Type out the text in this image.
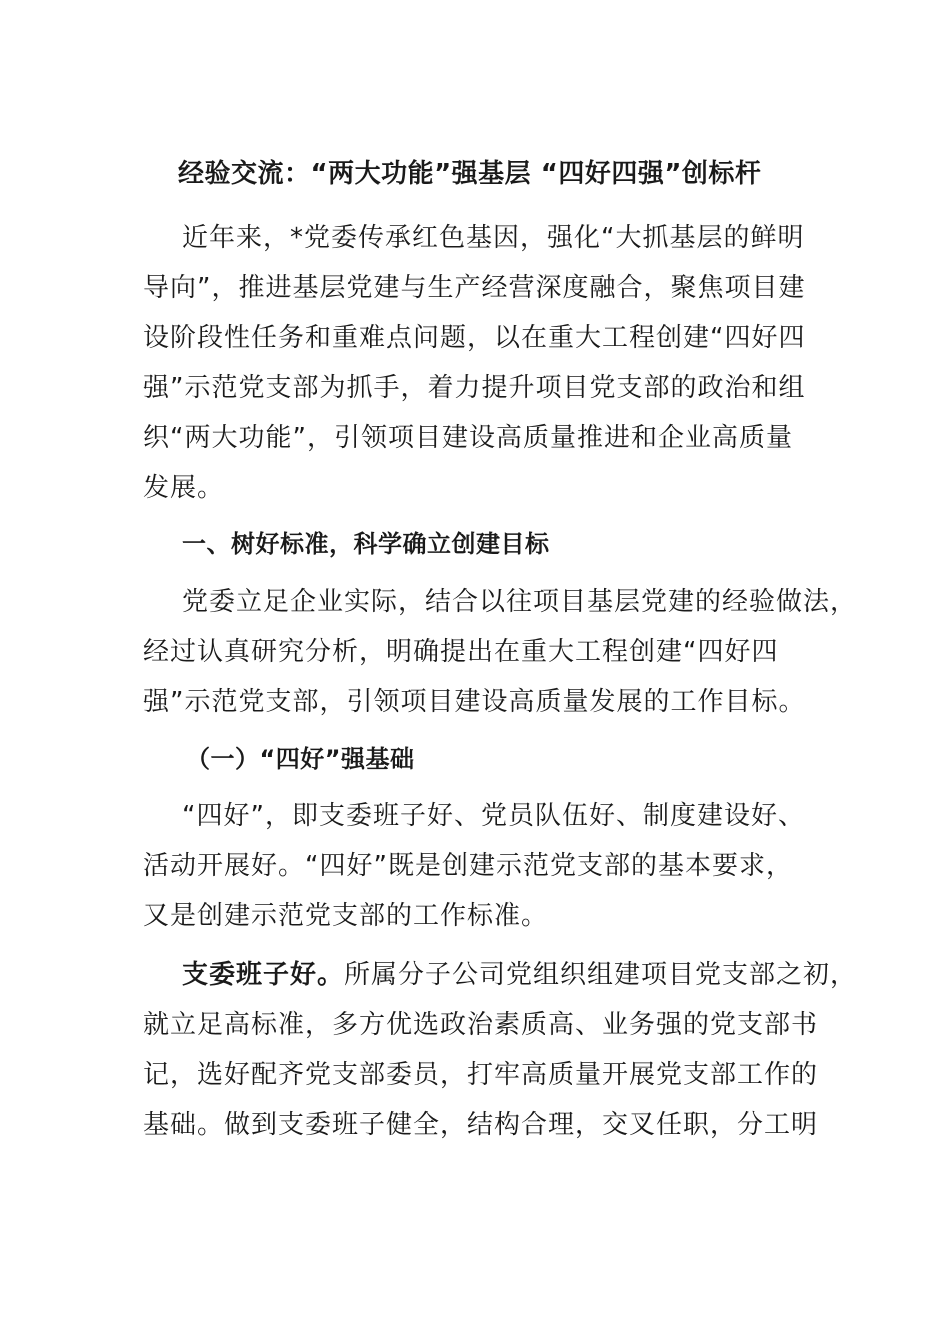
经验交流：“两大功能”强基层 “四好四强”创标杆
近年来，*党委传承红色基因，强化“大抓基层的鲜明
导向”，推进基层党建与生产经营深度融合，聚焦项目建
设阶段性任务和重难点问题，以在重大工程创建“四好四
强”示范党支部为抓手，着力提升项目党支部的政治和组
织“两大功能”，引领项目建设高质量推进和企业高质量
发展。
一、树好标准，科学确立创建目标
党委立足企业实际，结合以往项目基层党建的经验做法，
经过认真研究分析，明确提出在重大工程创建“四好四
强”示范党支部，引领项目建设高质量发展的工作目标。
（一）“四好”强基础
“四好”，即支委班子好、党员队伍好、制度建设好、
活动开展好。“四好”既是创建示范党支部的基本要求，
又是创建示范党支部的工作标准。
支委班子好。所属分子公司党组织组建项目党支部之初，
就立足高标准，多方优选政治素质高、业务强的党支部书
记，选好配齐党支部委员，打牢高质量开展党支部工作的
基础。做到支委班子健全，结构合理，交叉任职，分工明
